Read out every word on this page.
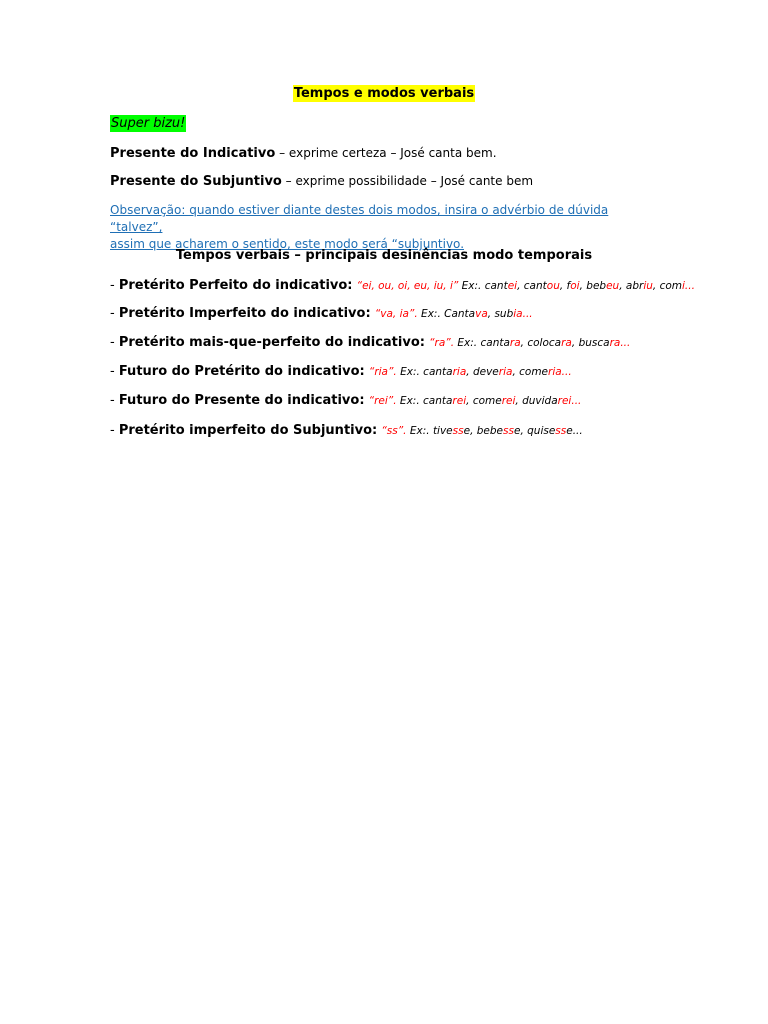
Tempos e modos verbais
Super bizu!
Presente do Indicativo – exprime certeza – José canta bem.
Presente do Subjuntivo – exprime possibilidade – José cante bem
Observação: quando estiver diante destes dois modos, insira o advérbio de dúvida “talvez”,
assim que acharem o sentido, este modo será “subjuntivo.
Tempos verbais – principais desinências modo temporais
- Pretérito Perfeito do indicativo: “ei, ou, oi, eu, iu, i” Ex:. cantei, cantou, foi, bebeu, abriu, comi...
- Pretérito Imperfeito do indicativo: “va, ia”. Ex:. Cantava, subia...
- Pretérito mais-que-perfeito do indicativo: “ra”. Ex:. cantara, colocara, buscara...
- Futuro do Pretérito do indicativo: “ria”. Ex:. cantaria, deveria, comeria...
- Futuro do Presente do indicativo: “rei”. Ex:. cantarei, comerei, duvidarei...
- Pretérito imperfeito do Subjuntivo: “ss”. Ex:. tivesse, bebesse, quisesse...
